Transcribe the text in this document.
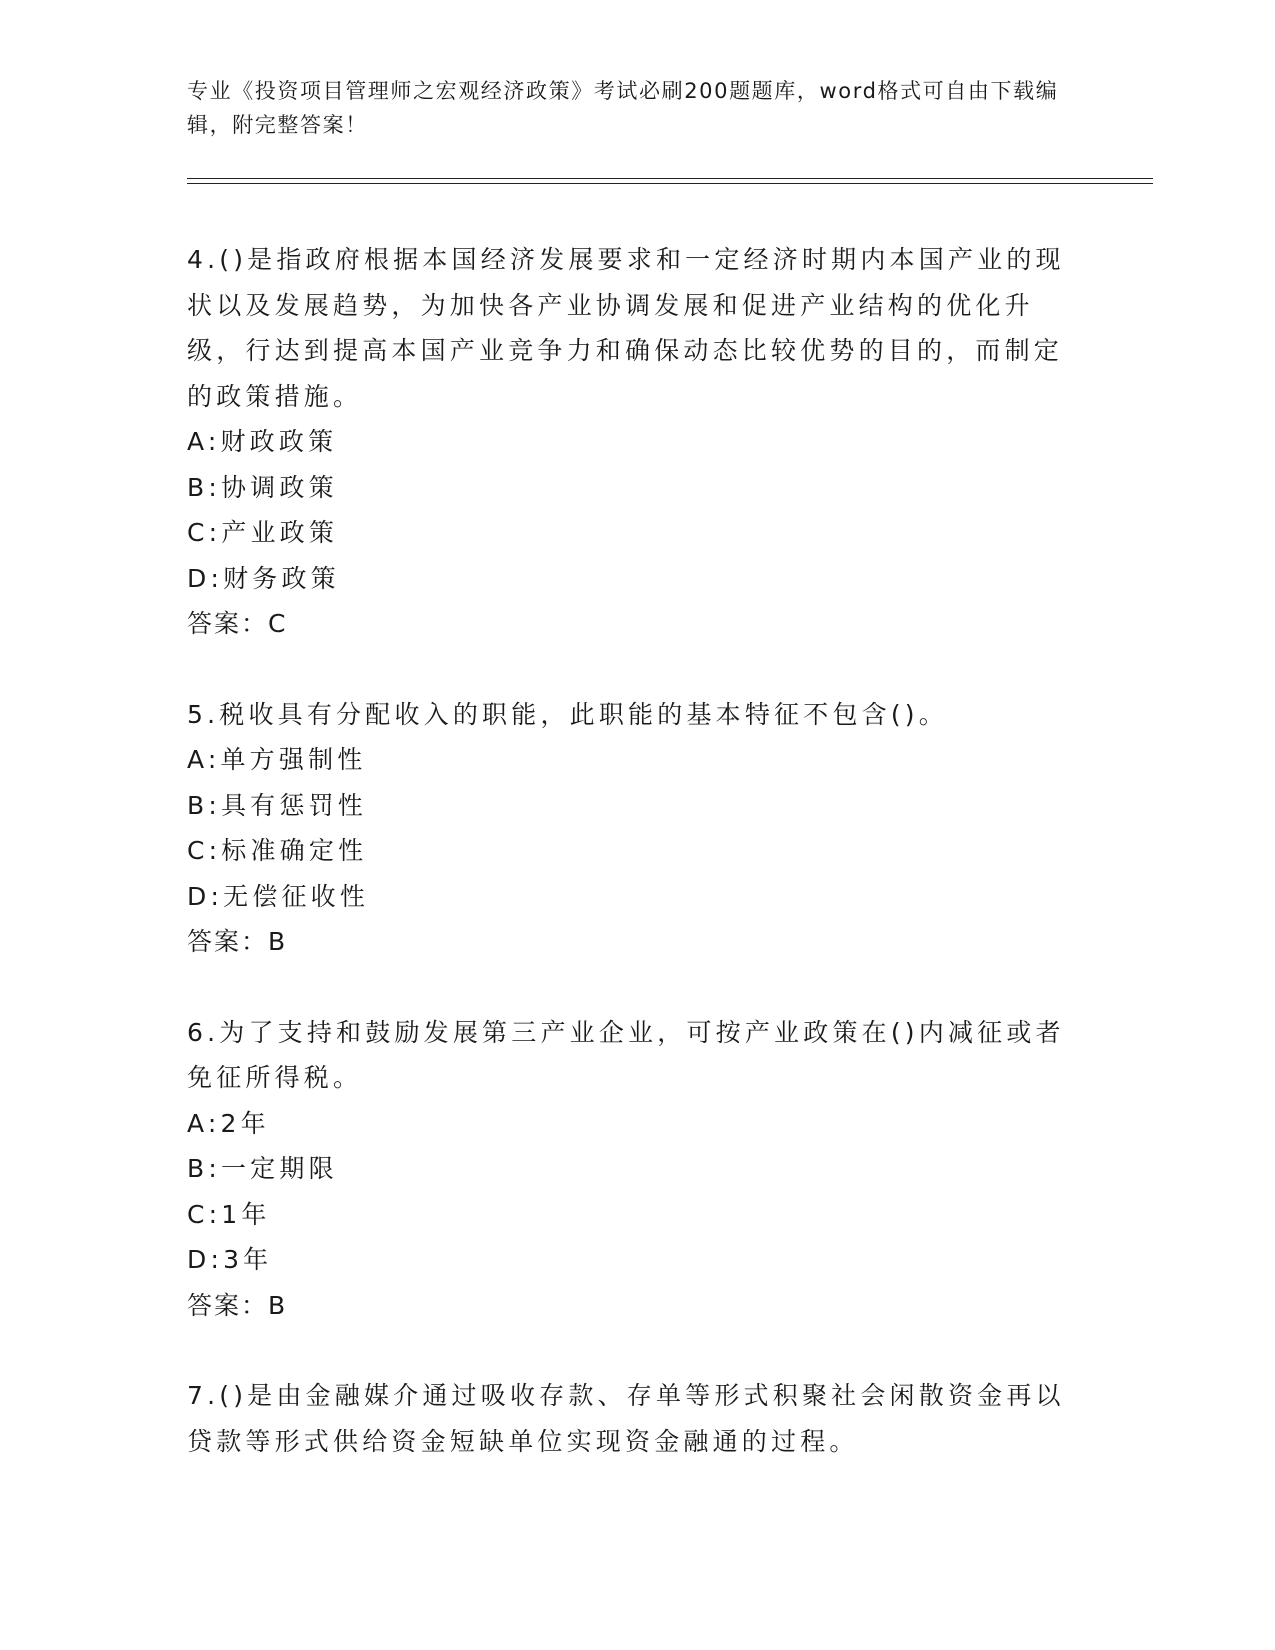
专业《投资项目管理师之宏观经济政策》考试必刷200题题库，word格式可自由下载编辑，附完整答案！
4.()是指政府根据本国经济发展要求和一定经济时期内本国产业的现状以及发展趋势，为加快各产业协调发展和促进产业结构的优化升级，行达到提高本国产业竞争力和确保动态比较优势的目的，而制定的政策措施。
A:财政政策
B:协调政策
C:产业政策
D:财务政策
答案：C
5.税收具有分配收入的职能，此职能的基本特征不包含()。
A:单方强制性
B:具有惩罚性
C:标准确定性
D:无偿征收性
答案：B
6.为了支持和鼓励发展第三产业企业，可按产业政策在()内减征或者免征所得税。
A:2年
B:一定期限
C:1年
D:3年
答案：B
7.()是由金融媒介通过吸收存款、存单等形式积聚社会闲散资金再以贷款等形式供给资金短缺单位实现资金融通的过程。
